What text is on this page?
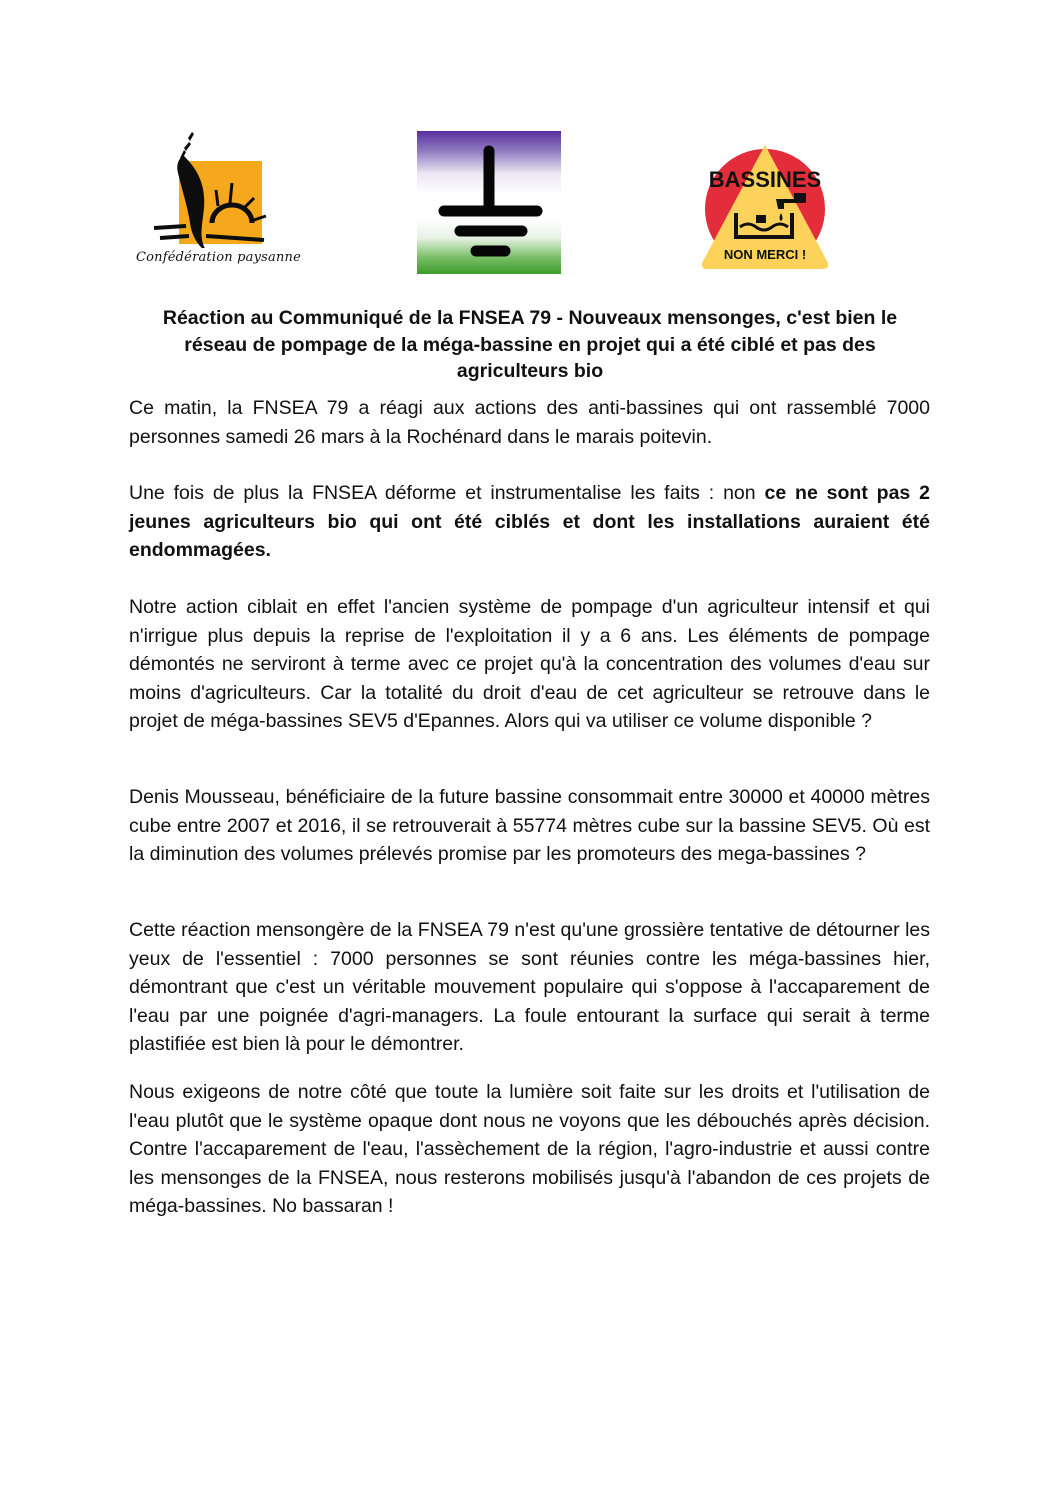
Confédération paysanne
BASSINES
NON MERCI !
Réaction au Communiqué de la FNSEA 79 - Nouveaux mensonges, c'est bien le réseau de pompage de la méga-bassine en projet qui a été ciblé et pas des agriculteurs bio

Ce matin, la FNSEA 79 a réagi aux actions des anti-bassines qui ont rassemblé 7000 personnes samedi 26 mars à la Rochénard dans le marais poitevin.

Une fois de plus la FNSEA déforme et instrumentalise les faits : non ce ne sont pas 2 jeunes agriculteurs bio qui ont été ciblés et dont les installations auraient été endommagées.

Notre action ciblait en effet l'ancien système de pompage d'un agriculteur intensif et qui n'irrigue plus depuis la reprise de l'exploitation il y a 6 ans. Les éléments de pompage démontés ne serviront à terme avec ce projet qu'à la concentration des volumes d'eau sur moins d'agriculteurs. Car la totalité du droit d'eau de cet agriculteur se retrouve dans le projet de méga-bassines SEV5 d'Epannes. Alors qui va utiliser ce volume disponible ?

Denis Mousseau, bénéficiaire de la future bassine consommait entre 30000 et 40000 mètres cube entre 2007 et 2016, il se retrouverait à 55774 mètres cube sur la bassine SEV5. Où est la diminution des volumes prélevés promise par les promoteurs des mega-bassines ?

Cette réaction mensongère de la FNSEA 79 n'est qu'une grossière tentative de détourner les yeux de l'essentiel : 7000 personnes se sont réunies contre les méga-bassines hier, démontrant que c'est un véritable mouvement populaire qui s'oppose à l'accaparement de l'eau par une poignée d'agri-managers. La foule entourant la surface qui serait à terme plastifiée est bien là pour le démontrer.

Nous exigeons de notre côté que toute la lumière soit faite sur les droits et l'utilisation de l'eau plutôt que le système opaque dont nous ne voyons que les débouchés après décision. Contre l'accaparement de l'eau, l'assèchement de la région, l'agro-industrie et aussi contre les mensonges de la FNSEA, nous resterons mobilisés jusqu'à l'abandon de ces projets de méga-bassines. No bassaran !
